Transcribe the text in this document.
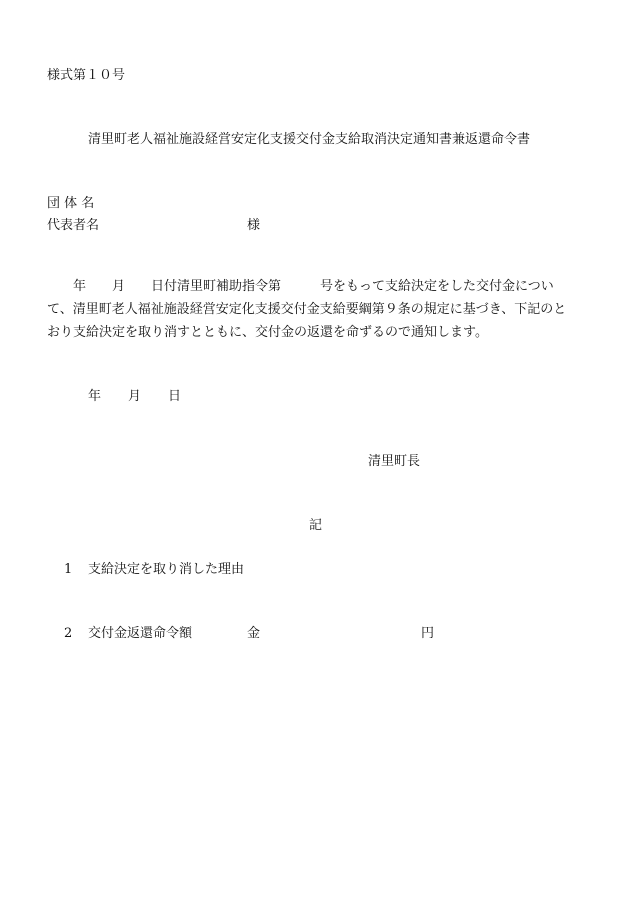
様式第１０号
清里町老人福祉施設経営安定化支援交付金支給取消決定通知書兼返還命令書
団 体 名
代表者名	様
　　年　　月　　日付清里町補助指令第　　　号をもって支給決定をした交付金につい
て、清里町老人福祉施設経営安定化支援交付金支給要綱第９条の規定に基づき、下記のと
おり支給決定を取り消すとともに、交付金の返還を命ずるので通知します。
年 月 日
清里町長
記
1 支給決定を取り消した理由
2 交付金返還命令額	金	円
